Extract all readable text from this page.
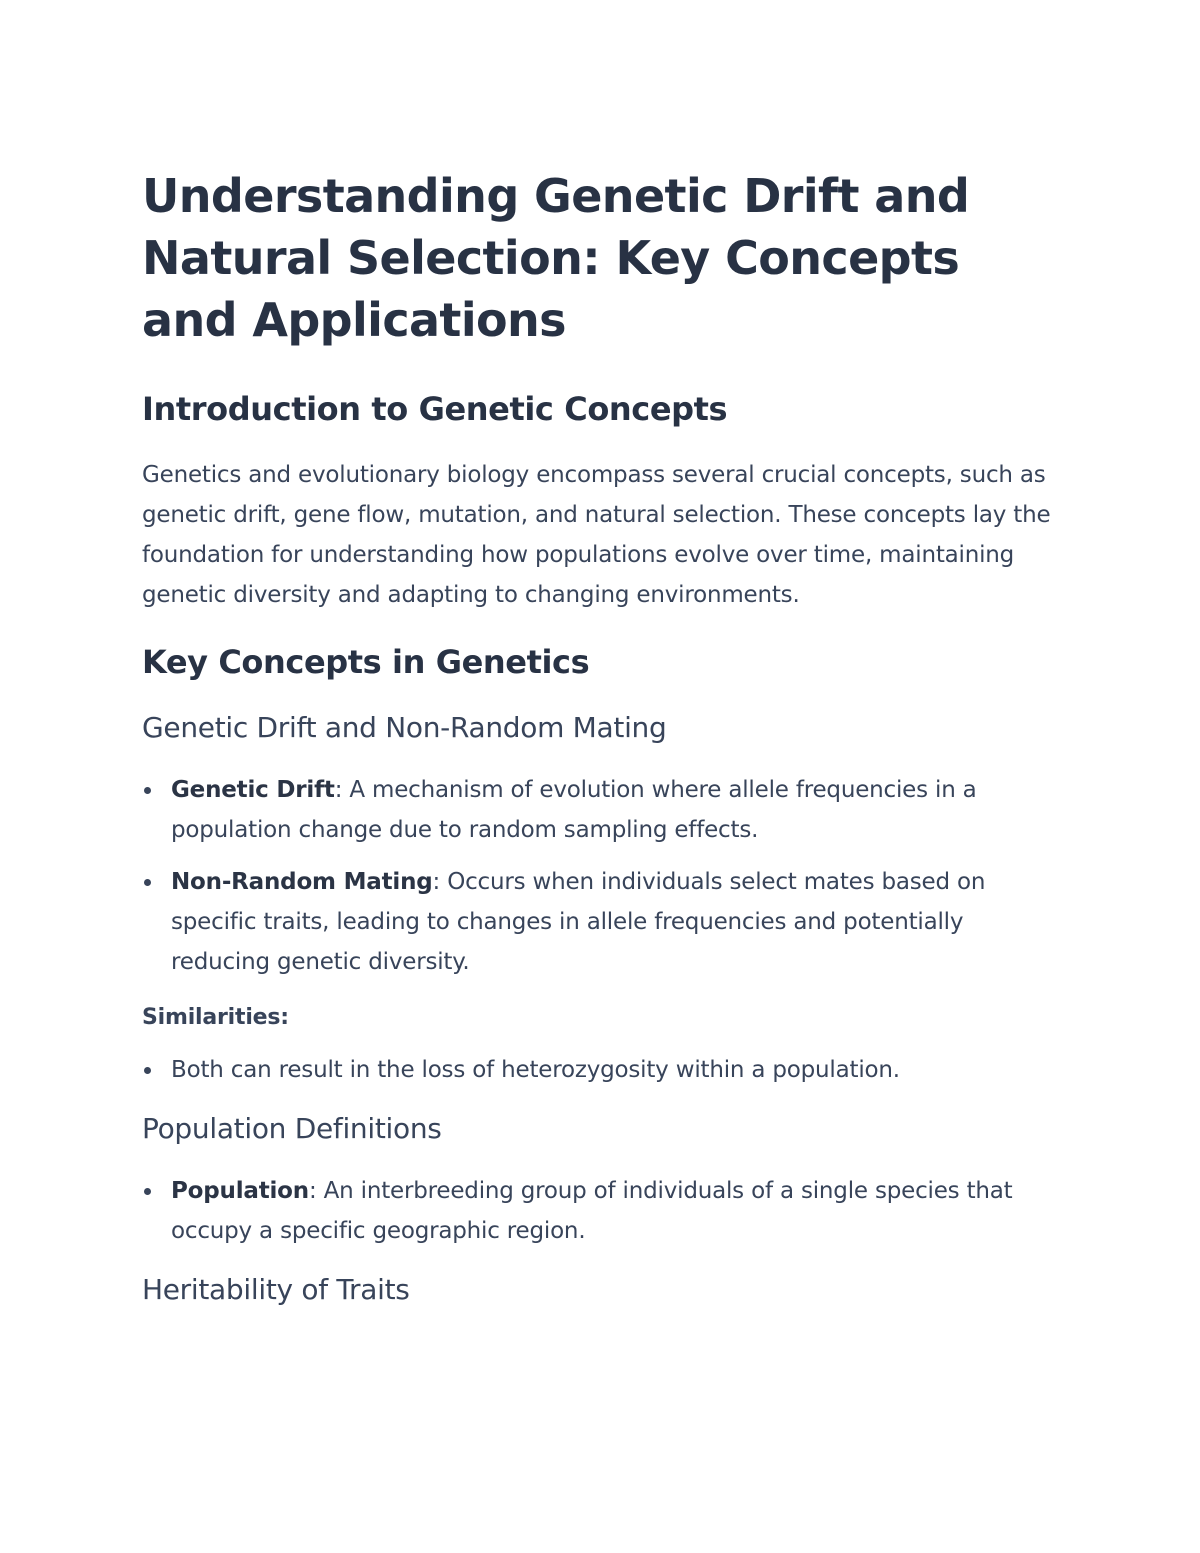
Understanding Genetic Drift and Natural Selection: Key Concepts and Applications
Introduction to Genetic Concepts

Genetics and evolutionary biology encompass several crucial concepts, such as genetic drift, gene flow, mutation, and natural selection. These concepts lay the foundation for understanding how populations evolve over time, maintaining genetic diversity and adapting to changing environments.

Key Concepts in Genetics
Genetic Drift and Non-Random Mating
Genetic Drift: A mechanism of evolution where allele frequencies in a population change due to random sampling effects.
Non-Random Mating: Occurs when individuals select mates based on specific traits, leading to changes in allele frequencies and potentially reducing genetic diversity.
Similarities:
Both can result in the loss of heterozygosity within a population.
Population Definitions
Population: An interbreeding group of individuals of a single species that occupy a specific geographic region.
Heritability of Traits
